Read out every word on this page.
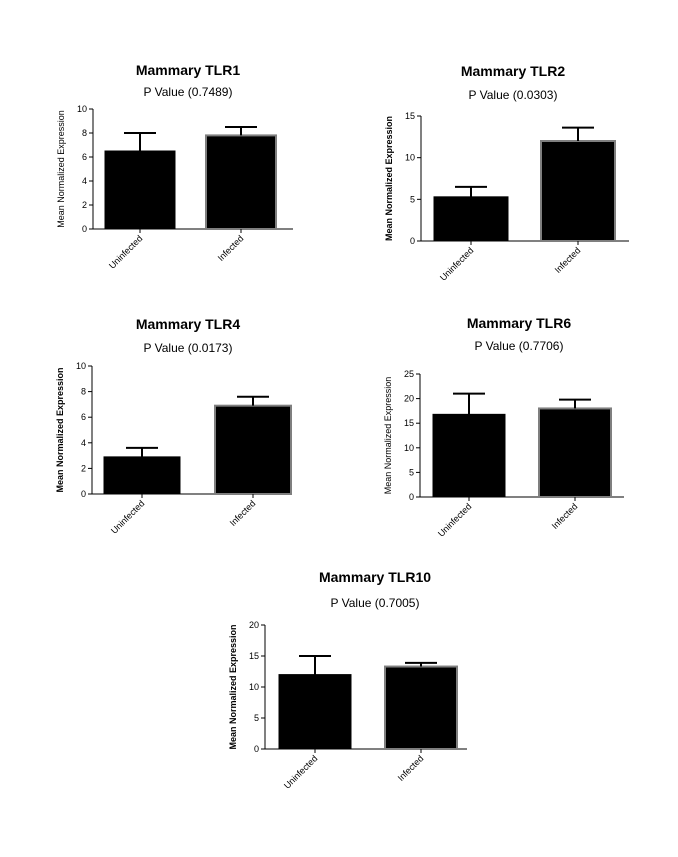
Mammary TLR1
P Value (0.7489)
0
2
4
6
8
10
Mean Normalized Expression
Uninfected	Infected
Mammary TLR2
P Value (0.0303)
0
5
10
15
Mean Normalized Expression
Uninfected	Infected
Mammary TLR4
P Value (0.0173)
0
2
4
6
8
10
Mean Normalized Expression
Uninfected	Infected
Mammary TLR6
P Value (0.7706)
0
5
10
15
20
25
Mean Normalized Expression
Uninfected	Infected
Mammary TLR10
P Value (0.7005)
0
5
10
15
20
Mean Normalized Expression
Uninfected	Infected
